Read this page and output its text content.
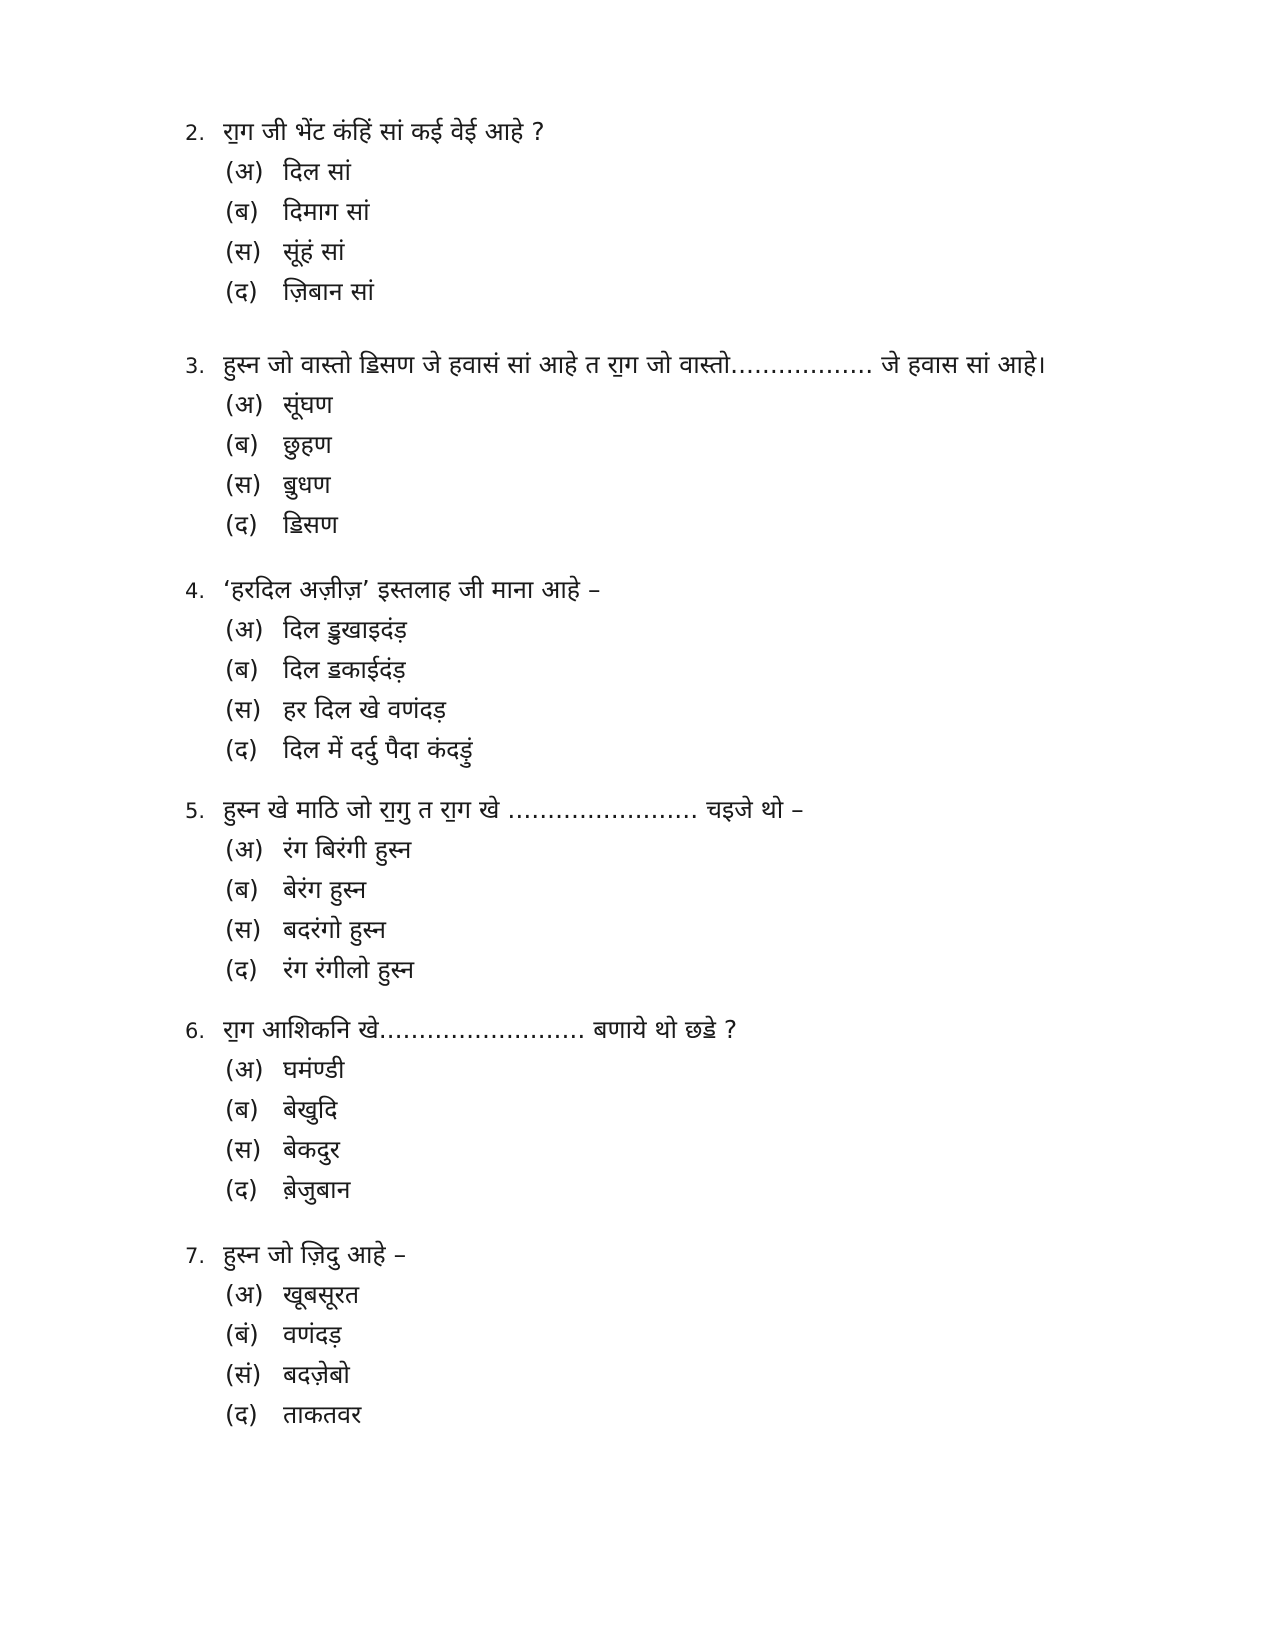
2. रा॒ग जी भेंट कंहिं सां कई वेई आहे ?
(अ) दिल सां
(ब) दिमाग सां
(स) सूंहं सां
(द) ज़िबान सां
3. हुस्न जो वास्तो ॾिसण जे हवासं सां आहे त रा॒ग जो वास्तो.................. जे हवास सां आहे।
(अ) सूंघण
(ब) छुहण
(स) ॿुधण
(द) ॾिसण
4. ‘हरदिल अज़ीज़’ इस्तलाह जी माना आहे –
(अ) दिल ॾुखाइदंड़
(ब) दिल ॾकाईदंड़
(स) हर दिल खे वणंदड़
(द) दिल में दर्दु पैदा कंदड़ुं
5. हुस्न खे माठि जो रा॒गु त रा॒ग खे ........................ चइजे थो –
(अ) रंग बिरंगी हुस्न
(ब) बेरंग हुस्न
(स) बदरंगो हुस्न
(द) रंग रंगीलो हुस्न
6. रा॒ग आशिकनि खे.......................... बणाये थो छॾे ?
(अ) घमंण्डी
(ब) बेखुदि
(स) बेकदुर
(द) बे़जुबान
7. हुस्न जो ज़िदु आहे –
(अ) खूबसूरत
(बं) वणंदड़
(सं) बदज़ेबो
(द) ताकतवर
